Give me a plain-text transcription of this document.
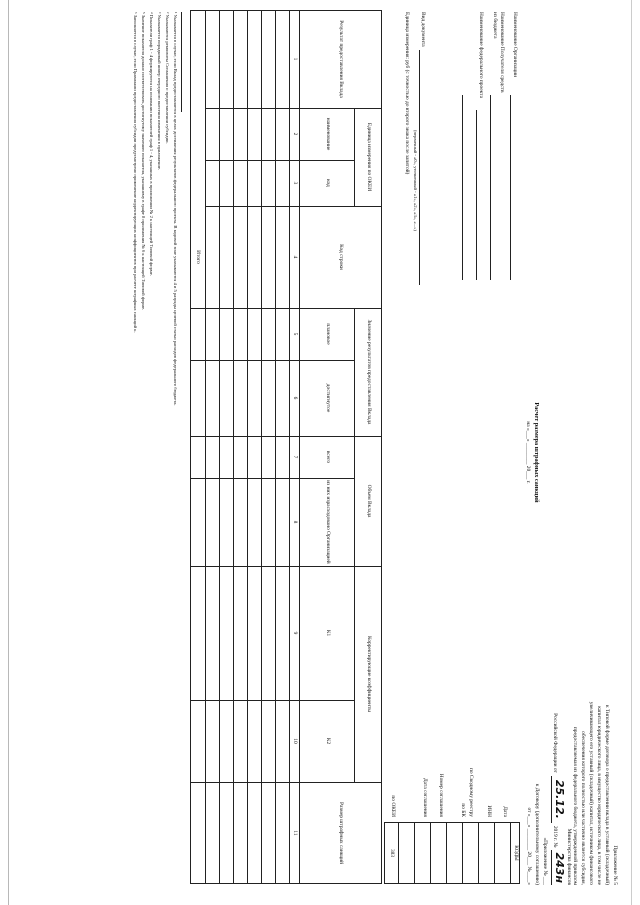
Приложение № 5
к Типовой форме договора о предоставлении вклада в уставный (складочный)
капитал юридического лица, в имущество юридического лица, в том числе не
увеличивающего его уставный (складочный) капитал, источником финансового
обеспечения которого полностью или частично является субсидия,
предоставляемая из федерального бюджета, утвержденной приказом
Министерства финансов
Российской Федерации от
25.12.
2019 г. №
243н
«Приложение № ___
к Договору (дополнительному соглашению)
от «___» ________ 20___ №____»
Расчет размера штрафных санкций
на «___» ________ 20___ г.
КОДЫ
Дата
ИНН
по Сводному реестру
по БК
Номер соглашения
Дата соглашения
по ОКЕИ
383
Наименование Организации
Наименование Получателя средств
из бюджета
Наименование федерального проекта
Вид документа
(первичный - «0», уточненный - «1», «2», «3», «...»)
Единица измерения: руб (с точностью до второго знака после запятой)
Результат предоставления Вклада
Единица измерения по ОКЕИ
наименование
код
Код строки
Значение результатов предоставления Вклада
плановое
достигнутое
Объем Вклада
всего
из них израсходовано Организацией
Корректирующие коэффициенты
К1
К2
Размер штрафных санкций
1
2
3
4
5
6
7
8
9
10
11
Итого
¹ Указывается в случае, если Вклад предоставляется в целях достижения результатов федерального проекта. В кодовой зоне указываются 4 и 5 разряды целевой статьи расходов федерального бюджета.
² Указываются реквизиты Соглашения о предоставлении субсидии.
³ Указывается порядковый номер очередного внесения изменения в приложение.
⁴ Показатели граф 1 - 4 формируются на основании показателей граф 1 - 4, указанных в приложении № 2 к настоящей Типовой форме.
⁵ Значение показателя должно соответствовать достигнутому значению показателя, указанному в графе 8 приложения № 6 к настоящей Типовой форме.
⁶ Заполняется в случае, если Правилами предоставления субсидии предусмотрено применение корректирующих коэффициентов при расчете штрафных санкций к.
